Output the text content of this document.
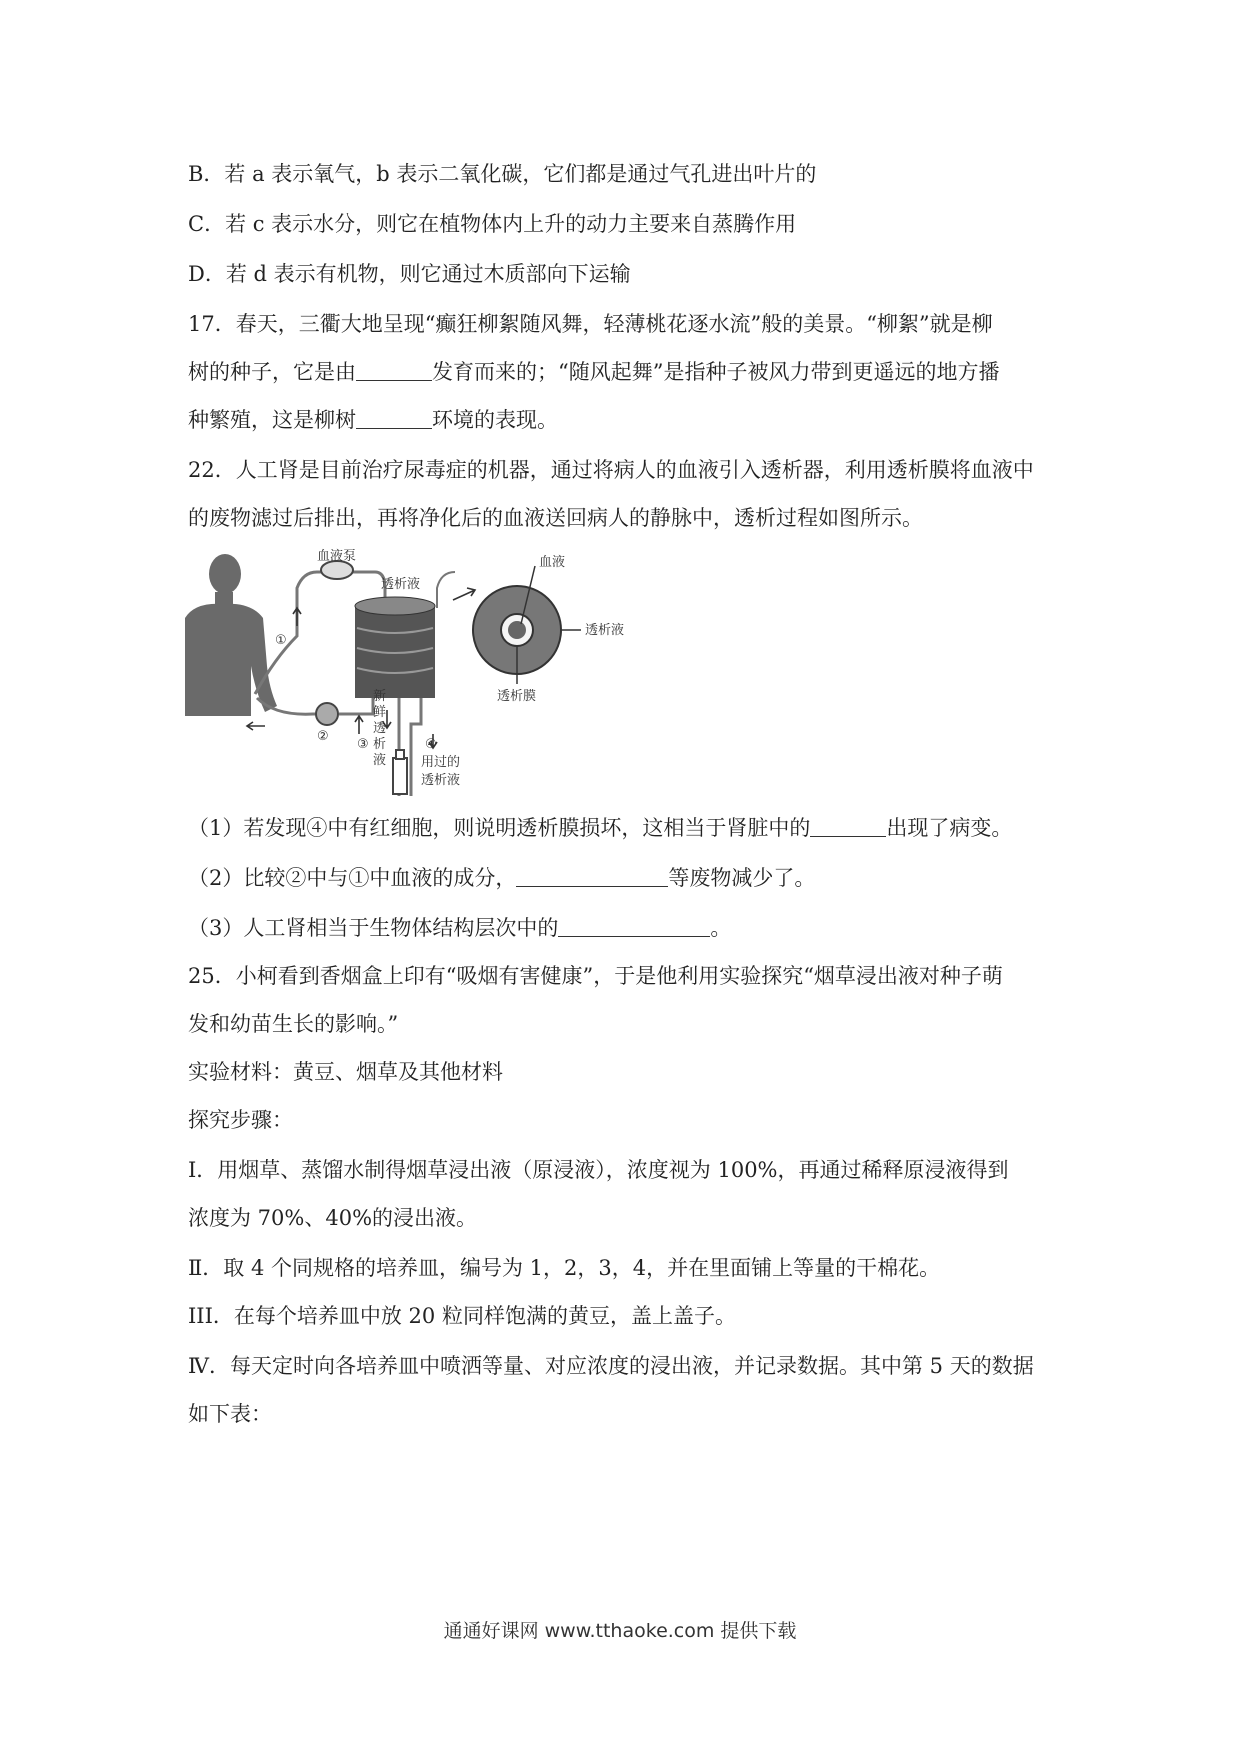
B．若 a 表示氧气，b 表示二氧化碳，它们都是通过气孔进出叶片的
C．若 c 表示水分，则它在植物体内上升的动力主要来自蒸腾作用
D．若 d 表示有机物，则它通过木质部向下运输
17．春天，三衢大地呈现“癫狂柳絮随风舞，轻薄桃花逐水流”般的美景。“柳絮”就是柳
树的种子，它是由	发育而来的；“随风起舞”是指种子被风力带到更遥远的地方播
种繁殖，这是柳树	环境的表现。
22．人工肾是目前治疗尿毒症的机器，通过将病人的血液引入透析器，利用透析膜将血液中
的废物滤过后排出，再将净化后的血液送回病人的静脉中，透析过程如图所示。
血液泵
透析液
血液
透析液
透析膜
①
②
③	④
新
鲜
透
析
液	用过的
透析液
（1）若发现④中有红细胞，则说明透析膜损坏，这相当于肾脏中的	出现了病变。
（2）比较②中与①中血液的成分，	等废物减少了。
（3）人工肾相当于生物体结构层次中的	。
25．小柯看到香烟盒上印有“吸烟有害健康”，于是他利用实验探究“烟草浸出液对种子萌
发和幼苗生长的影响。”
实验材料：黄豆、烟草及其他材料
探究步骤：
Ⅰ．用烟草、蒸馏水制得烟草浸出液（原浸液），浓度视为 100%，再通过稀释原浸液得到
浓度为 70%、40%的浸出液。
Ⅱ．取 4 个同规格的培养皿，编号为 1，2，3，4，并在里面铺上等量的干棉花。
III．在每个培养皿中放 20 粒同样饱满的黄豆，盖上盖子。
Ⅳ．每天定时向各培养皿中喷洒等量、对应浓度的浸出液，并记录数据。其中第 5 天的数据
如下表：
通通好课网 www.tthaoke.com 提供下载
